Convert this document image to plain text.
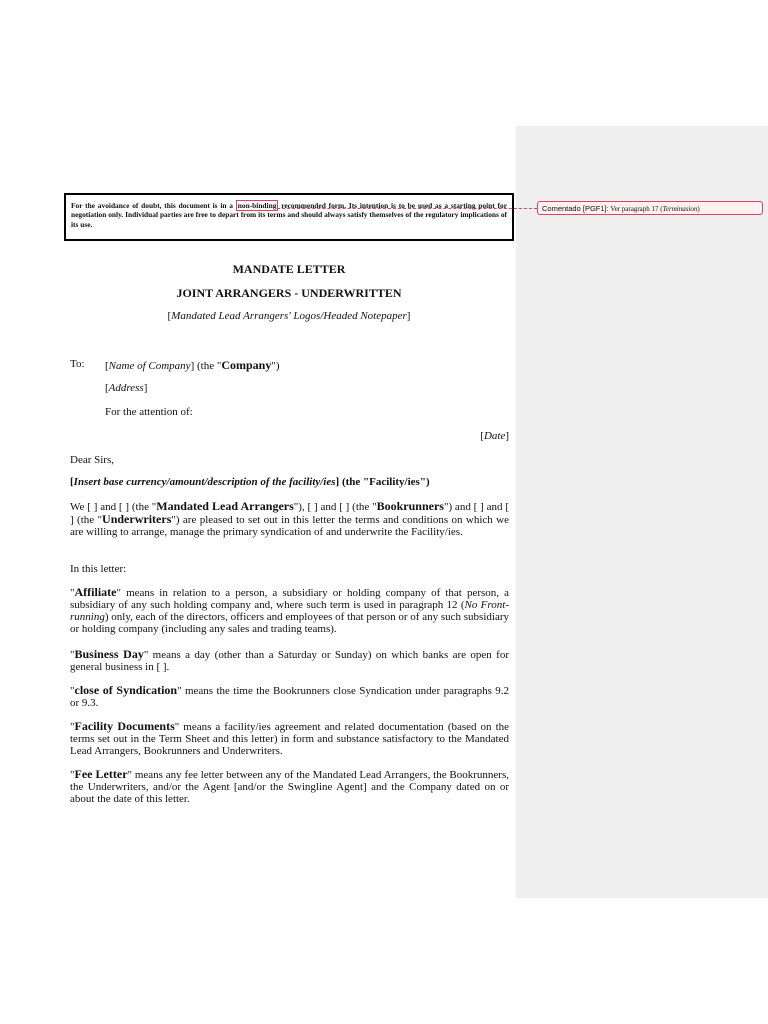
Comentado [PGF1]: Ver paragraph 17 (Terminasion)
For the avoidance of doubt, this document is in a non-binding recommended form. Its intention is to be used as a starting point for negotiation only. Individual parties are free to depart from its terms and should always satisfy themselves of the regulatory implications of its use.
MANDATE LETTER
JOINT ARRANGERS - UNDERWRITTEN
[Mandated Lead Arrangers' Logos/Headed Notepaper]
To: [Name of Company] (the "Company")
[Address]
For the attention of:
[Date]
Dear Sirs,
[Insert base currency/amount/description of the facility/ies] (the "Facility/ies")
We [ ] and [ ] (the "Mandated Lead Arrangers"), [ ] and [ ] (the "Bookrunners") and [ ] and [ ] (the "Underwriters") are pleased to set out in this letter the terms and conditions on which we are willing to arrange, manage the primary syndication of and underwrite the Facility/ies.
In this letter:
"Affiliate" means in relation to a person, a subsidiary or holding company of that person, a subsidiary of any such holding company and, where such term is used in paragraph 12 (No Front-running) only, each of the directors, officers and employees of that person or of any such subsidiary or holding company (including any sales and trading teams).
"Business Day" means a day (other than a Saturday or Sunday) on which banks are open for general business in [ ].
"close of Syndication" means the time the Bookrunners close Syndication under paragraphs 9.2 or 9.3.
"Facility Documents" means a facility/ies agreement and related documentation (based on the terms set out in the Term Sheet and this letter) in form and substance satisfactory to the Mandated Lead Arrangers, Bookrunners and Underwriters.
"Fee Letter" means any fee letter between any of the Mandated Lead Arrangers, the Bookrunners, the Underwriters, and/or the Agent [and/or the Swingline Agent] and the Company dated on or about the date of this letter.
